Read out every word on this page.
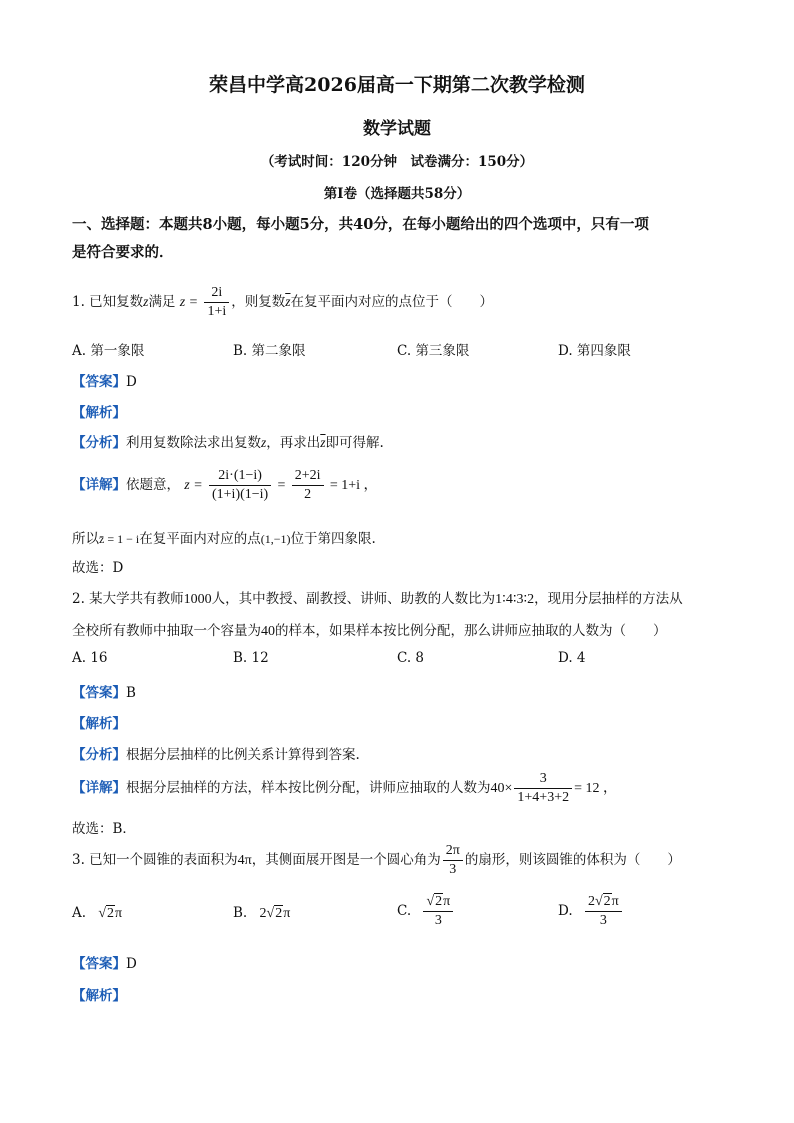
荣昌中学高2026届高一下期第二次教学检测
数学试题
（考试时间：120分钟　试卷满分：150分）
第Ⅰ卷（选择题共58分）
一、选择题：本题共8小题，每小题5分，共40分，在每小题给出的四个选项中，只有一项
是符合要求的．
1. 已知复数z满足 $z = \frac{2i}{1+i}$ ，则复数$\overline{z}$在复平面内对应的点位于（　　）
A. 第一象限	B. 第二象限	C. 第三象限	D. 第四象限
【答案】D
【解析】
【分析】利用复数除法求出复数z，再求出$\overline{z}$即可得解.
【详解】依题意， $z = \frac{2i\cdot(1-i)}{(1+i)(1-i)} = \frac{2+2i}{2} = 1+i$ ，
所以z̄ = 1 − i在复平面内对应的点(1,−1)位于第四象限.
故选：D
2. 某大学共有教师1000人，其中教授、副教授、讲师、助教的人数比为1∶4∶3∶2，现用分层抽样的方法从
全校所有教师中抽取一个容量为40的样本，如果样本按比例分配，那么讲师应抽取的人数为（　　）
A. 16	B. 12	C. 8	D. 4
【答案】B
【解析】
【分析】根据分层抽样的比例关系计算得到答案.
【详解】根据分层抽样的方法，样本按比例分配，讲师应抽取的人数为$40\times \frac{3}{1+4+3+2} = 12$ ，
故选：B．
3. 已知一个圆锥的表面积为4π，其侧面展开图是一个圆心角为 $\frac{2\pi}{3}$ 的扇形，则该圆锥的体积为（　　）
A. √2π	B. 2√2π	C. $\frac{√2\pi}{3}$	D. $\frac{2√2\pi}{3}$
【答案】D
【解析】
